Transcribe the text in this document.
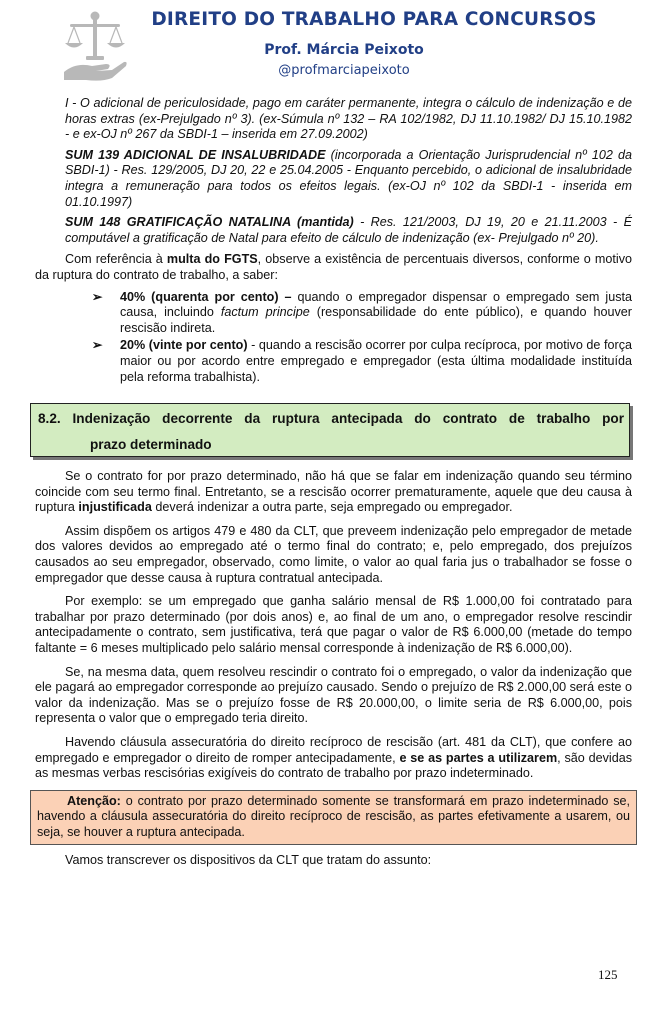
DIREITO DO TRABALHO PARA CONCURSOS
Prof. Márcia Peixoto
@profmarciapeixoto

I - O adicional de periculosidade, pago em caráter permanente, integra o cálculo de indenização e de horas extras (ex-Prejulgado nº 3). (ex-Súmula nº 132 – RA 102/1982, DJ 11.10.1982/ DJ 15.10.1982 - e ex-OJ nº 267 da SBDI-1 – inserida em 27.09.2002)

SUM 139 ADICIONAL DE INSALUBRIDADE (incorporada a Orientação Jurisprudencial nº 102 da SBDI-1) - Res. 129/2005, DJ 20, 22 e 25.04.2005 - Enquanto percebido, o adicional de insalubridade integra a remuneração para todos os efeitos legais. (ex-OJ nº 102 da SBDI-1 - inserida em 01.10.1997)

SUM 148 GRATIFICAÇÃO NATALINA (mantida) - Res. 121/2003, DJ 19, 20 e 21.11.2003 - É computável a gratificação de Natal para efeito de cálculo de indenização (ex- Prejulgado nº 20).

Com referência à multa do FGTS, observe a existência de percentuais diversos, conforme o motivo da ruptura do contrato de trabalho, a saber:

➢ 40% (quarenta por cento) – quando o empregador dispensar o empregado sem justa causa, incluindo factum principe (responsabilidade do ente público), e quando houver rescisão indireta.
➢ 20% (vinte por cento) - quando a rescisão ocorrer por culpa recíproca, por motivo de força maior ou por acordo entre empregado e empregador (esta última modalidade instituída pela reforma trabalhista).
8.2. Indenização decorrente da ruptura antecipada do contrato de trabalho por
prazo determinado

Se o contrato for por prazo determinado, não há que se falar em indenização quando seu término coincide com seu termo final. Entretanto, se a rescisão ocorrer prematuramente, aquele que deu causa à ruptura injustificada deverá indenizar a outra parte, seja empregado ou empregador.

Assim dispõem os artigos 479 e 480 da CLT, que preveem indenização pelo empregador de metade dos valores devidos ao empregado até o termo final do contrato; e, pelo empregado, dos prejuízos causados ao seu empregador, observado, como limite, o valor ao qual faria jus o trabalhador se fosse o empregador que desse causa à ruptura contratual antecipada.

Por exemplo: se um empregado que ganha salário mensal de R$ 1.000,00 foi contratado para trabalhar por prazo determinado (por dois anos) e, ao final de um ano, o empregador resolve rescindir antecipadamente o contrato, sem justificativa, terá que pagar o valor de R$ 6.000,00 (metade do tempo faltante = 6 meses multiplicado pelo salário mensal corresponde à indenização de R$ 6.000,00).

Se, na mesma data, quem resolveu rescindir o contrato foi o empregado, o valor da indenização que ele pagará ao empregador corresponde ao prejuízo causado. Sendo o prejuízo de R$ 2.000,00 será este o valor da indenização. Mas se o prejuízo fosse de R$ 20.000,00, o limite seria de R$ 6.000,00, pois representa o valor que o empregado teria direito.

Havendo cláusula assecuratória do direito recíproco de rescisão (art. 481 da CLT), que confere ao empregado e empregador o direito de romper antecipadamente, e se as partes a utilizarem, são devidas as mesmas verbas rescisórias exigíveis do contrato de trabalho por prazo indeterminado.

Atenção: o contrato por prazo determinado somente se transformará em prazo indeterminado se, havendo a cláusula assecuratória do direito recíproco de rescisão, as partes efetivamente a usarem, ou seja, se houver a ruptura antecipada.

Vamos transcrever os dispositivos da CLT que tratam do assunto:

125
